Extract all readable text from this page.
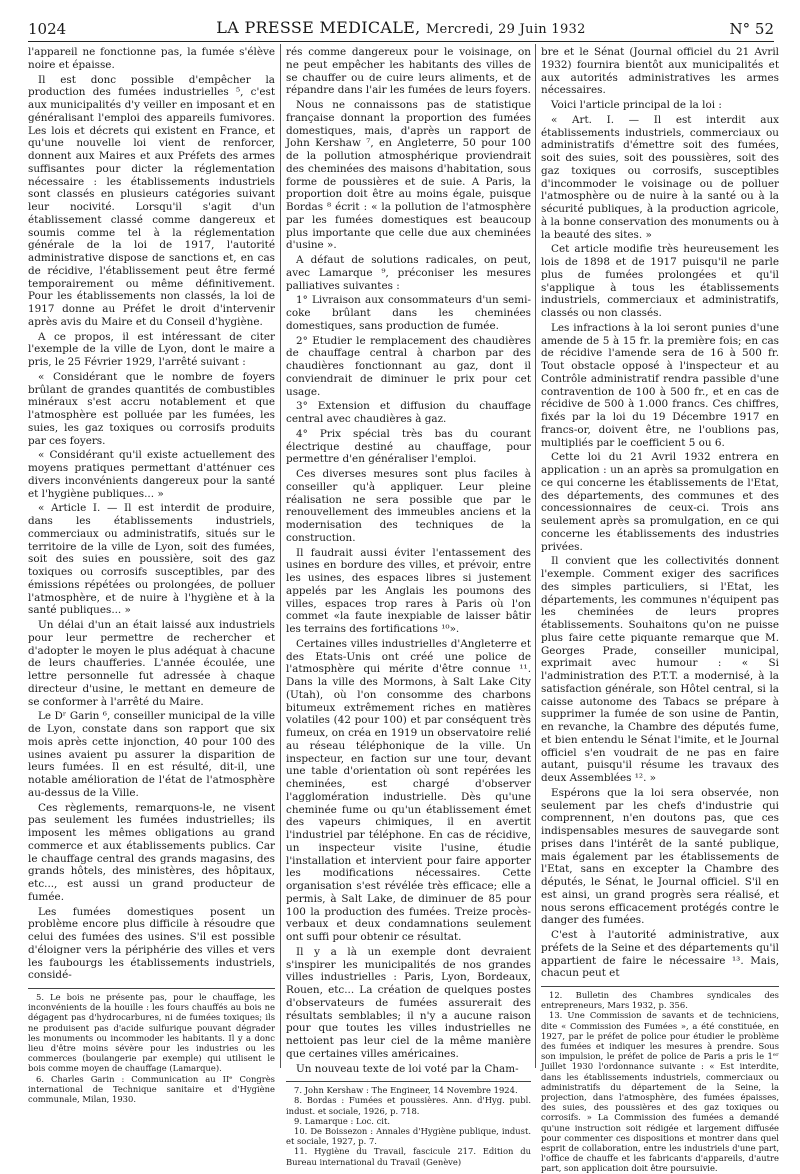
1024	LA PRESSE MEDICALE, Mercredi, 29 Juin 1932	N° 52

l'appareil ne fonctionne pas, la fumée s'élève noire et épaisse.

Il est donc possible d'empêcher la production des fumées industrielles ⁵, c'est aux municipalités d'y veiller en imposant et en généralisant l'emploi des appareils fumivores. Les lois et décrets qui existent en France, et qu'une nouvelle loi vient de renforcer, donnent aux Maires et aux Préfets des armes suffisantes pour dicter la réglementation nécessaire : les établissements industriels sont classés en plusieurs catégories suivant leur nocivité. Lorsqu'il s'agit d'un établissement classé comme dangereux et soumis comme tel à la réglementation générale de la loi de 1917, l'autorité administrative dispose de sanctions et, en cas de récidive, l'établissement peut être fermé temporairement ou même définitivement. Pour les établissements non classés, la loi de 1917 donne au Préfet le droit d'intervenir après avis du Maire et du Conseil d'hygiène.

A ce propos, il est intéressant de citer l'exemple de la ville de Lyon, dont le maire a pris, le 25 Février 1929, l'arrêté suivant :

« Considérant que le nombre de foyers brûlant de grandes quantités de combustibles minéraux s'est accru notablement et que l'atmosphère est polluée par les fumées, les suies, les gaz toxiques ou corrosifs produits par ces foyers.

« Considérant qu'il existe actuellement des moyens pratiques permettant d'atténuer ces divers inconvénients dangereux pour la santé et l'hygiène publiques... »

« Article I. — Il est interdit de produire, dans les établissements industriels, commerciaux ou administratifs, situés sur le territoire de la ville de Lyon, soit des fumées, soit des suies en poussière, soit des gaz toxiques ou corrosifs susceptibles, par des émissions répétées ou prolongées, de polluer l'atmosphère, et de nuire à l'hygiène et à la santé publiques... »

Un délai d'un an était laissé aux industriels pour leur permettre de rechercher et d'adopter le moyen le plus adéquat à chacune de leurs chaufferies. L'année écoulée, une lettre personnelle fut adressée à chaque directeur d'usine, le mettant en demeure de se conformer à l'arrêté du Maire.

Le Dʳ Garin ⁶, conseiller municipal de la ville de Lyon, constate dans son rapport que six mois après cette injonction, 40 pour 100 des usines avaient pu assurer la disparition de leurs fumées. Il en est résulté, dit-il, une notable amélioration de l'état de l'atmosphère au-dessus de la Ville.

Ces règlements, remarquons-le, ne visent pas seulement les fumées industrielles; ils imposent les mêmes obligations au grand commerce et aux établissements publics. Car le chauffage central des grands magasins, des grands hôtels, des ministères, des hôpitaux, etc..., est aussi un grand producteur de fumée.

Les fumées domestiques posent un problème encore plus difficile à résoudre que celui des fumées des usines. S'il est possible d'éloigner vers la périphérie des villes et vers les faubourgs les établissements industriels, considé-

5. Le bois ne présente pas, pour le chauffage, les inconvénients de la houille : les fours chauffés au bois ne dégagent pas d'hydrocarbures, ni de fumées toxiques; ils ne produisent pas d'acide sulfurique pouvant dégrader les monuments ou incommoder les habitants. Il y a donc lieu d'être moins sévère pour les industries ou les commerces (boulangerie par exemple) qui utilisent le bois comme moyen de chauffage (Lamarque).

6. Charles Garin : Communication au IIᵉ Congrès international de Technique sanitaire et d'Hygiène communale, Milan, 1930.

rés comme dangereux pour le voisinage, on ne peut empêcher les habitants des villes de se chauffer ou de cuire leurs aliments, et de répandre dans l'air les fumées de leurs foyers.

Nous ne connaissons pas de statistique française donnant la proportion des fumées domestiques, mais, d'après un rapport de John Kershaw ⁷, en Angleterre, 50 pour 100 de la pollution atmosphérique proviendrait des cheminées des maisons d'habitation, sous forme de poussières et de suie. A Paris, la proportion doit être au moins égale, puisque Bordas ⁸ écrit : « la pollution de l'atmosphère par les fumées domestiques est beaucoup plus importante que celle due aux cheminées d'usine ».

A défaut de solutions radicales, on peut, avec Lamarque ⁹, préconiser les mesures palliatives suivantes :

1° Livraison aux consommateurs d'un semi-coke brûlant dans les cheminées domestiques, sans production de fumée.

2° Etudier le remplacement des chaudières de chauffage central à charbon par des chaudières fonctionnant au gaz, dont il conviendrait de diminuer le prix pour cet usage.

3° Extension et diffusion du chauffage central avec chaudières à gaz.

4° Prix spécial très bas du courant électrique destiné au chauffage, pour permettre d'en généraliser l'emploi.

Ces diverses mesures sont plus faciles à conseiller qu'à appliquer. Leur pleine réalisation ne sera possible que par le renouvellement des immeubles anciens et la modernisation des techniques de la construction.

Il faudrait aussi éviter l'entassement des usines en bordure des villes, et prévoir, entre les usines, des espaces libres si justement appelés par les Anglais les poumons des villes, espaces trop rares à Paris où l'on commet «la faute inexpiable de laisser bâtir les terrains des fortifications ¹⁰».

Certaines villes industrielles d'Angleterre et des Etats-Unis ont créé une police de l'atmosphère qui mérite d'être connue ¹¹. Dans la ville des Mormons, à Salt Lake City (Utah), où l'on consomme des charbons bitumeux extrêmement riches en matières volatiles (42 pour 100) et par conséquent très fumeux, on créa en 1919 un observatoire relié au réseau téléphonique de la ville. Un inspecteur, en faction sur une tour, devant une table d'orientation où sont repérées les cheminées, est chargé d'observer l'agglomération industrielle. Dès qu'une cheminée fume ou qu'un établissement émet des vapeurs chimiques, il en avertit l'industriel par téléphone. En cas de récidive, un inspecteur visite l'usine, étudie l'installation et intervient pour faire apporter les modifications nécessaires. Cette organisation s'est révélée très efficace; elle a permis, à Salt Lake, de diminuer de 85 pour 100 la production des fumées. Treize procès-verbaux et deux condamnations seulement ont suffi pour obtenir ce résultat.

Il y a là un exemple dont devraient s'inspirer les municipalités de nos grandes villes industrielles : Paris, Lyon, Bordeaux, Rouen, etc... La création de quelques postes d'observateurs de fumées assurerait des résultats semblables; il n'y a aucune raison pour que toutes les villes industrielles ne nettoient pas leur ciel de la même manière que certaines villes américaines.

Un nouveau texte de loi voté par la Cham-

7. John Kershaw : The Engineer, 14 Novembre 1924.

8. Bordas : Fumées et poussières. Ann. d'Hyg. publ. indust. et sociale, 1926, p. 718.

9. Lamarque : Loc. cit.

10. De Boissezon : Annales d'Hygiène publique, indust. et sociale, 1927, p. 7.

11. Hygiène du Travail, fascicule 217. Edition du Bureau international du Travail (Genève)

bre et le Sénat (Journal officiel du 21 Avril 1932) fournira bientôt aux municipalités et aux autorités administratives les armes nécessaires.

Voici l'article principal de la loi :

« Art. I. — Il est interdit aux établissements industriels, commerciaux ou administratifs d'émettre soit des fumées, soit des suies, soit des poussières, soit des gaz toxiques ou corrosifs, susceptibles d'incommoder le voisinage ou de polluer l'atmosphère ou de nuire à la santé ou à la sécurité publiques, à la production agricole, à la bonne conservation des monuments ou à la beauté des sites. »

Cet article modifie très heureusement les lois de 1898 et de 1917 puisqu'il ne parle plus de fumées prolongées et qu'il s'applique à tous les établissements industriels, commerciaux et administratifs, classés ou non classés.

Les infractions à la loi seront punies d'une amende de 5 à 15 fr. la première fois; en cas de récidive l'amende sera de 16 à 500 fr. Tout obstacle opposé à l'inspecteur et au Contrôle administratif rendra passible d'une contravention de 100 à 500 fr., et en cas de récidive de 500 à 1.000 francs. Ces chiffres, fixés par la loi du 19 Décembre 1917 en francs-or, doivent être, ne l'oublions pas, multipliés par le coefficient 5 ou 6.

Cette loi du 21 Avril 1932 entrera en application : un an après sa promulgation en ce qui concerne les établissements de l'Etat, des départements, des communes et des concessionnaires de ceux-ci. Trois ans seulement après sa promulgation, en ce qui concerne les établissements des industries privées.

Il convient que les collectivités donnent l'exemple. Comment exiger des sacrifices des simples particuliers, si l'Etat, les départements, les communes n'équipent pas les cheminées de leurs propres établissements. Souhaitons qu'on ne puisse plus faire cette piquante remarque que M. Georges Prade, conseiller municipal, exprimait avec humour : « Si l'administration des P.T.T. a modernisé, à la satisfaction générale, son Hôtel central, si la caisse autonome des Tabacs se prépare à supprimer la fumée de son usine de Pantin, en revanche, la Chambre des députés fume, et bien entendu le Sénat l'imite, et le Journal officiel s'en voudrait de ne pas en faire autant, puisqu'il résume les travaux des deux Assemblées ¹². »

Espérons que la loi sera observée, non seulement par les chefs d'industrie qui comprennent, n'en doutons pas, que ces indispensables mesures de sauvegarde sont prises dans l'intérêt de la santé publique, mais également par les établissements de l'Etat, sans en excepter la Chambre des députés, le Sénat, le Journal officiel. S'il en est ainsi, un grand progrès sera réalisé, et nous serons efficacement protégés contre le danger des fumées.

C'est à l'autorité administrative, aux préfets de la Seine et des départements qu'il appartient de faire le nécessaire ¹³. Mais, chacun peut et

12. Bulletin des Chambres syndicales des entrepreneurs, Mars 1932, p. 356.

13. Une Commission de savants et de techniciens, dite « Commission des Fumées », a été constituée, en 1927, par le préfet de police pour étudier le problème des fumées et indiquer les mesures à prendre. Sous son impulsion, le préfet de police de Paris a pris le 1ᵉʳ Juillet 1930 l'ordonnance suivante : « Est interdite, dans les établissements industriels, commerciaux ou administratifs du département de la Seine, la projection, dans l'atmosphère, des fumées épaisses, des suies, des poussières et des gaz toxiques ou corrosifs. » La Commission des fumées a demandé qu'une instruction soit rédigée et largement diffusée pour commenter ces dispositions et montrer dans quel esprit de collaboration, entre les industriels d'une part, l'office de chauffe et les fabricants d'appareils, d'autre part, son application doit être poursuivie.
